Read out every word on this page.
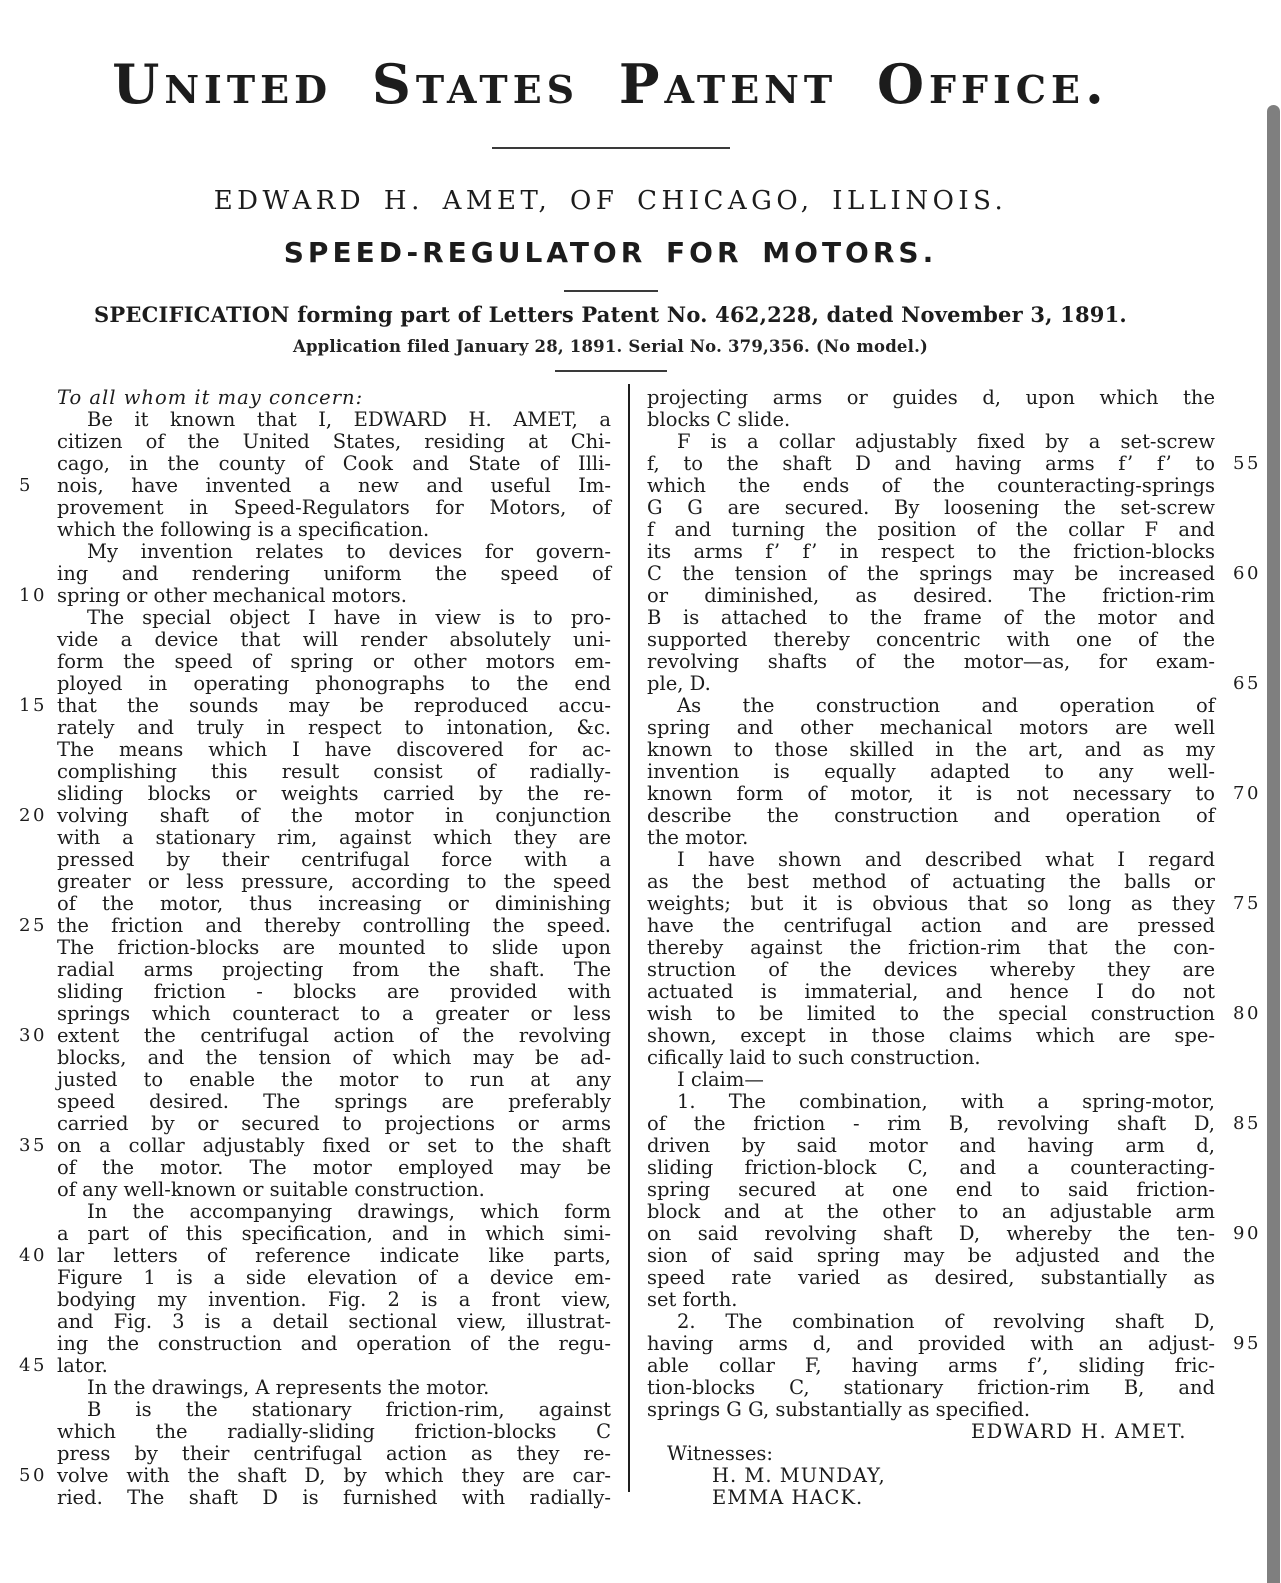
United States Patent Office.
EDWARD H. AMET, OF CHICAGO, ILLINOIS.
SPEED-REGULATOR FOR MOTORS.
SPECIFICATION forming part of Letters Patent No. 462,228, dated November 3, 1891.
Application filed January 28, 1891. Serial No. 379,356. (No model.)
To all whom it may concern:
Be it known that I, EDWARD H. AMET, a
citizen of the United States, residing at Chi-
cago, in the county of Cook and State of Illi-
nois, have invented a new and useful Im-
5
provement in Speed-Regulators for Motors, of
which the following is a specification.
My invention relates to devices for govern-
ing and rendering uniform the speed of
spring or other mechanical motors.
10
The special object I have in view is to pro-
vide a device that will render absolutely uni-
form the speed of spring or other motors em-
ployed in operating phonographs to the end
that the sounds may be reproduced accu-
15
rately and truly in respect to intonation, &c.
The means which I have discovered for ac-
complishing this result consist of radially-
sliding blocks or weights carried by the re-
volving shaft of the motor in conjunction
20
with a stationary rim, against which they are
pressed by their centrifugal force with a
greater or less pressure, according to the speed
of the motor, thus increasing or diminishing
the friction and thereby controlling the speed.
25
The friction-blocks are mounted to slide upon
radial arms projecting from the shaft. The
sliding friction - blocks are provided with
springs which counteract to a greater or less
extent the centrifugal action of the revolving
30
blocks, and the tension of which may be ad-
justed to enable the motor to run at any
speed desired. The springs are preferably
carried by or secured to projections or arms
on a collar adjustably fixed or set to the shaft
35
of the motor. The motor employed may be
of any well-known or suitable construction.
In the accompanying drawings, which form
a part of this specification, and in which simi-
lar letters of reference indicate like parts,
40
Figure 1 is a side elevation of a device em-
bodying my invention. Fig. 2 is a front view,
and Fig. 3 is a detail sectional view, illustrat-
ing the construction and operation of the regu-
lator.
45
In the drawings, A represents the motor.
B is the stationary friction-rim, against
which the radially-sliding friction-blocks C
press by their centrifugal action as they re-
volve with the shaft D, by which they are car-
50
ried. The shaft D is furnished with radially-
projecting arms or guides d, upon which the
blocks C slide.
F is a collar adjustably fixed by a set-screw
f, to the shaft D and having arms f’ f’ to 55
which the ends of the counteracting-springs
G G are secured. By loosening the set-screw
f and turning the position of the collar F and
its arms f’ f’ in respect to the friction-blocks
C the tension of the springs may be increased 60
or diminished, as desired. The friction-rim
B is attached to the frame of the motor and
supported thereby concentric with one of the
revolving shafts of the motor—as, for exam-
ple, D.	65
As the construction and operation of
spring and other mechanical motors are well
known to those skilled in the art, and as my
invention is equally adapted to any well-
known form of motor, it is not necessary to 70
describe the construction and operation of
the motor.
I have shown and described what I regard
as the best method of actuating the balls or
weights; but it is obvious that so long as they 75
have the centrifugal action and are pressed
thereby against the friction-rim that the con-
struction of the devices whereby they are
actuated is immaterial, and hence I do not
wish to be limited to the special construction 80
shown, except in those claims which are spe-
cifically laid to such construction.
I claim—
1. The combination, with a spring-motor,
of the friction - rim B, revolving shaft D, 85
driven by said motor and having arm d,
sliding friction-block C, and a counteracting-
spring secured at one end to said friction-
block and at the other to an adjustable arm
on said revolving shaft D, whereby the ten- 90
sion of said spring may be adjusted and the
speed rate varied as desired, substantially as
set forth.
2. The combination of revolving shaft D,
having arms d, and provided with an adjust- 95
able collar F, having arms f’, sliding fric-
tion-blocks C, stationary friction-rim B, and
springs G G, substantially as specified.
EDWARD H. AMET.
Witnesses:
H. M. MUNDAY,
EMMA HACK.
